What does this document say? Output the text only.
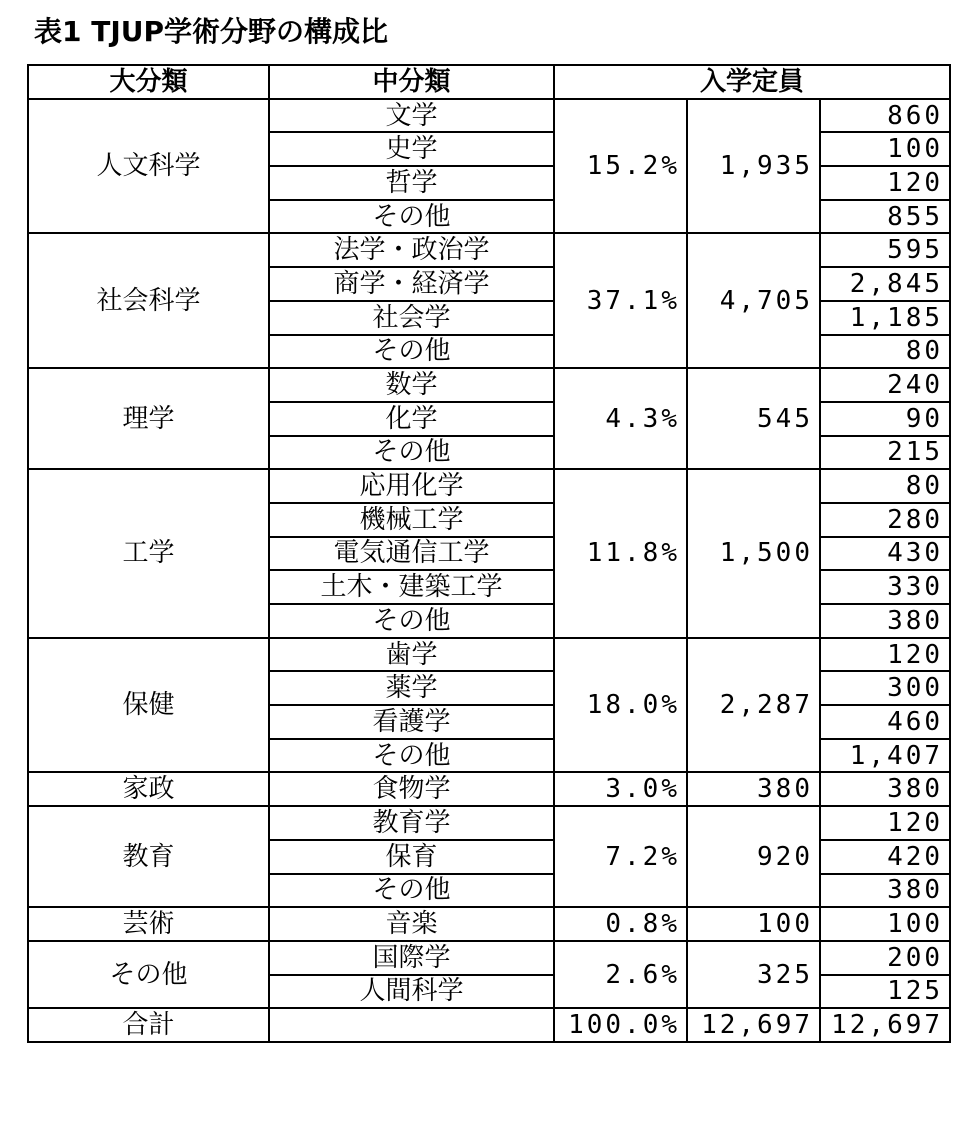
表1 TJUP学術分野の構成比
大分類	中分類	入学定員		
人文科学	文学	15.2%	1,935	860
	史学			100
	哲学			120
	その他			855
社会科学	法学・政治学	37.1%	4,705	595
	商学・経済学			2,845
	社会学			1,185
	その他			80
理学	数学	4.3%	545	240
	化学			90
	その他			215
工学	応用化学	11.8%	1,500	80
	機械工学			280
	電気通信工学			430
	土木・建築工学			330
	その他			380
保健	歯学	18.0%	2,287	120
	薬学			300
	看護学			460
	その他			1,407
家政	食物学	3.0%	380	380
教育	教育学	7.2%	920	120
	保育			420
	その他			380
芸術	音楽	0.8%	100	100
その他	国際学	2.6%	325	200
	人間科学			125
合計		100.0%	12,697	12,697
